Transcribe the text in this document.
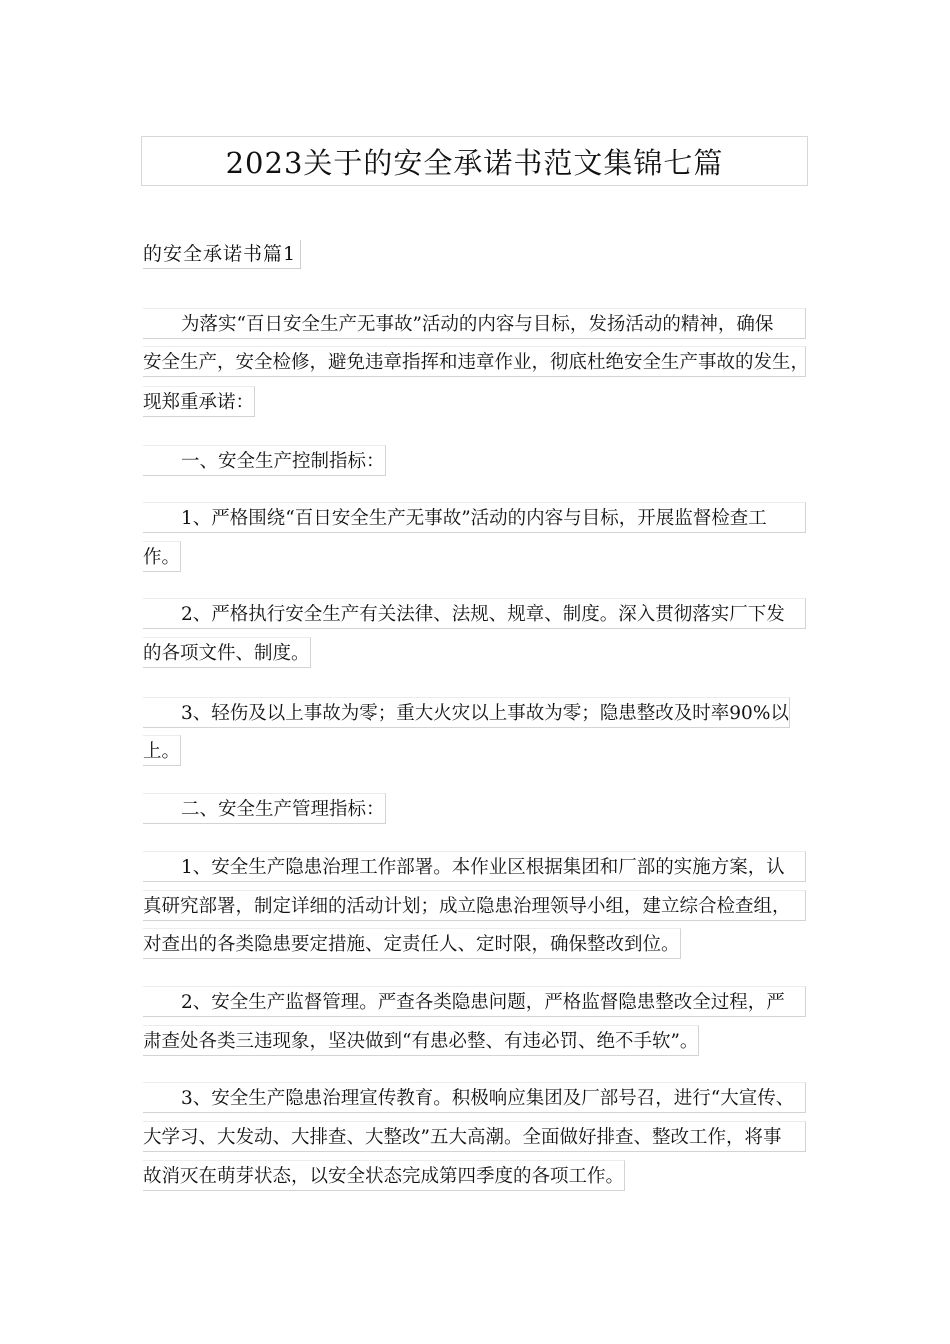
2023关于的安全承诺书范文集锦七篇
的安全承诺书篇1
为落实“百日安全生产无事故”活动的内容与目标，发扬活动的精神，确保
安全生产，安全检修，避免违章指挥和违章作业，彻底杜绝安全生产事故的发生，
现郑重承诺：
一、安全生产控制指标：
1、严格围绕“百日安全生产无事故”活动的内容与目标，开展监督检查工
作。
2、严格执行安全生产有关法律、法规、规章、制度。深入贯彻落实厂下发
的各项文件、制度。
3、轻伤及以上事故为零；重大火灾以上事故为零；隐患整改及时率90%以
上。
二、安全生产管理指标：
1、安全生产隐患治理工作部署。本作业区根据集团和厂部的实施方案，认
真研究部署，制定详细的活动计划；成立隐患治理领导小组，建立综合检查组，
对查出的各类隐患要定措施、定责任人、定时限，确保整改到位。
2、安全生产监督管理。严查各类隐患问题，严格监督隐患整改全过程，严
肃查处各类三违现象，坚决做到“有患必整、有违必罚、绝不手软”。
3、安全生产隐患治理宣传教育。积极响应集团及厂部号召，进行“大宣传、
大学习、大发动、大排查、大整改”五大高潮。全面做好排查、整改工作，将事
故消灭在萌芽状态，以安全状态完成第四季度的各项工作。
